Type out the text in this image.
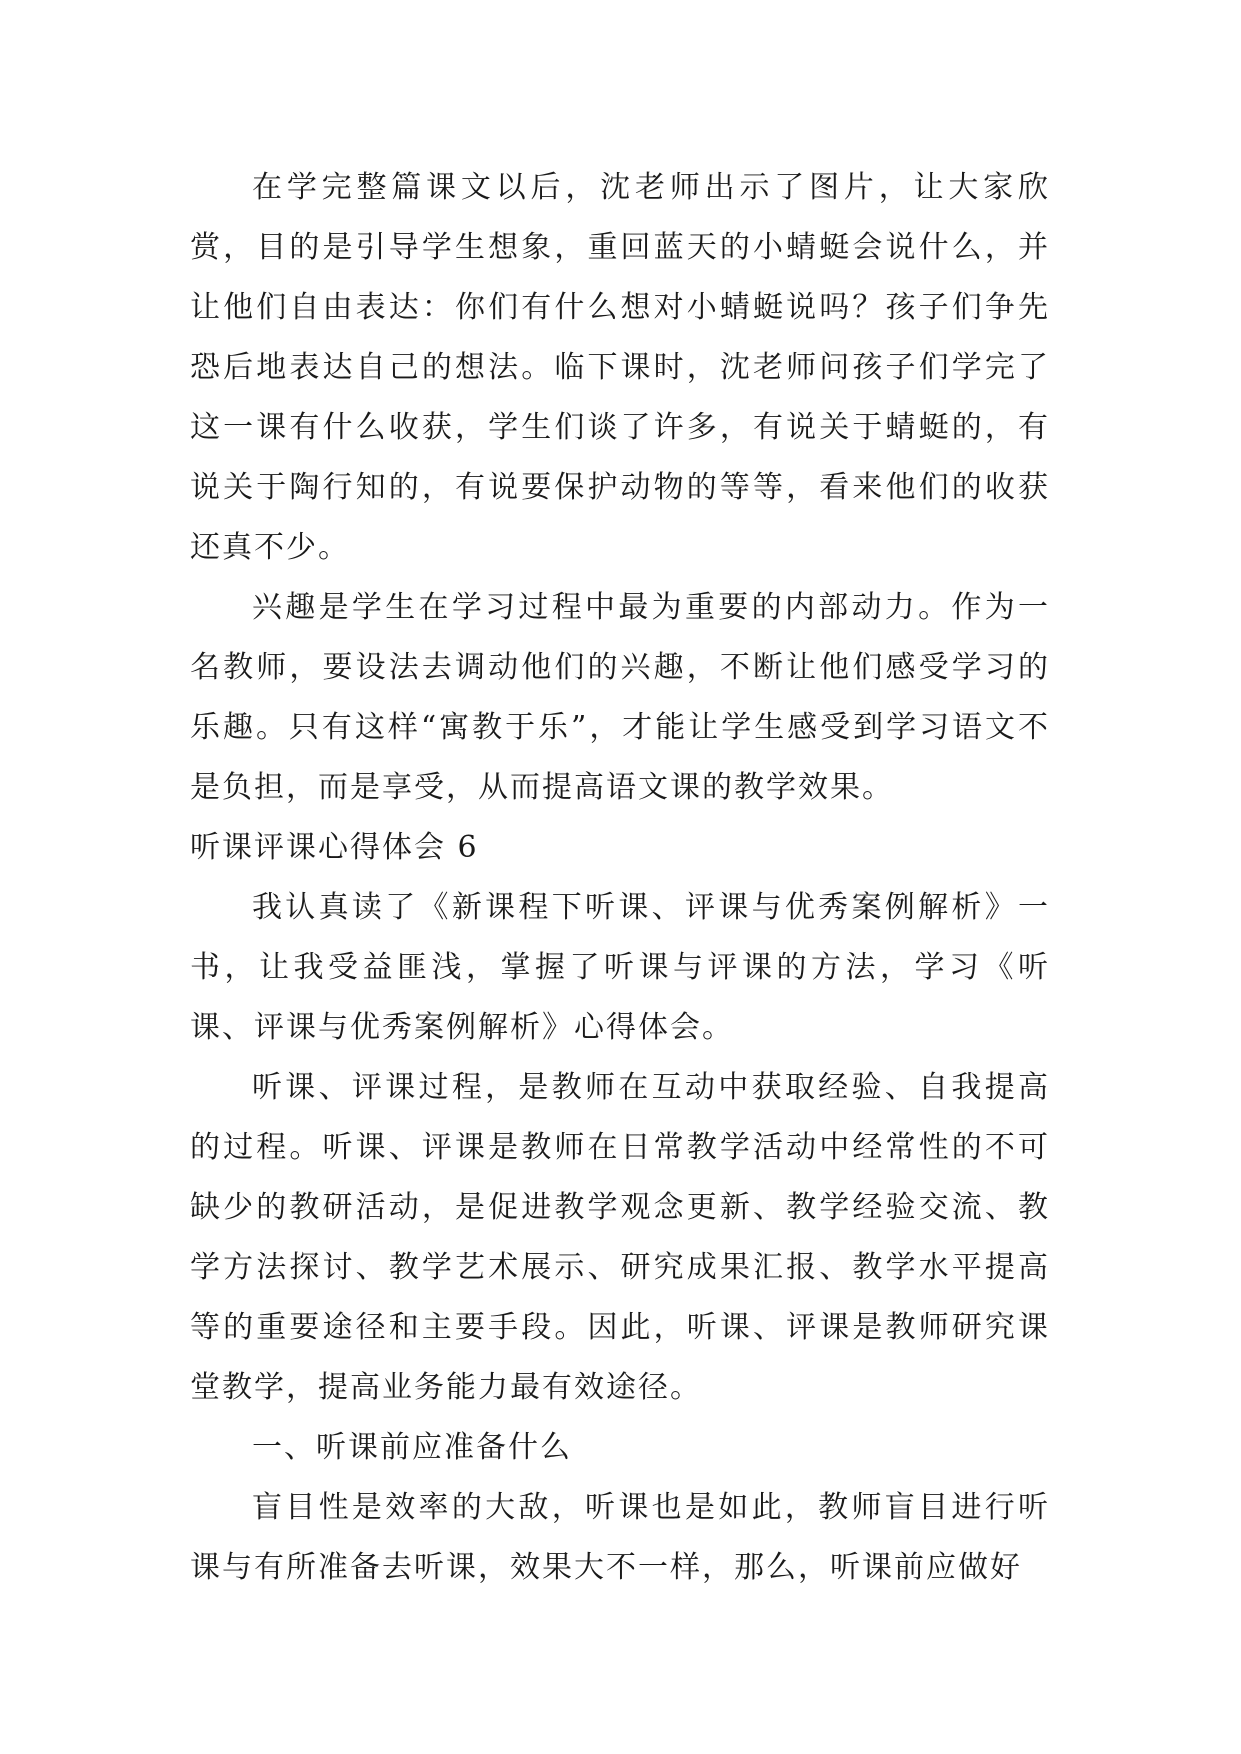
在学完整篇课文以后，沈老师出示了图片，让大家欣赏，目的是引导学生想象，重回蓝天的小蜻蜓会说什么，并让他们自由表达：你们有什么想对小蜻蜓说吗？孩子们争先恐后地表达自己的想法。临下课时，沈老师问孩子们学完了这一课有什么收获，学生们谈了许多，有说关于蜻蜓的，有说关于陶行知的，有说要保护动物的等等，看来他们的收获还真不少。

兴趣是学生在学习过程中最为重要的内部动力。作为一名教师，要设法去调动他们的兴趣，不断让他们感受学习的乐趣。只有这样“寓教于乐”，才能让学生感受到学习语文不是负担，而是享受，从而提高语文课的教学效果。

听课评课心得体会 6

我认真读了《新课程下听课、评课与优秀案例解析》一书，让我受益匪浅，掌握了听课与评课的方法，学习《听课、评课与优秀案例解析》心得体会。

听课、评课过程，是教师在互动中获取经验、自我提高的过程。听课、评课是教师在日常教学活动中经常性的不可缺少的教研活动，是促进教学观念更新、教学经验交流、教学方法探讨、教学艺术展示、研究成果汇报、教学水平提高等的重要途径和主要手段。因此，听课、评课是教师研究课堂教学，提高业务能力最有效途径。

一、听课前应准备什么

盲目性是效率的大敌，听课也是如此，教师盲目进行听课与有所准备去听课，效果大不一样，那么，听课前应做好
